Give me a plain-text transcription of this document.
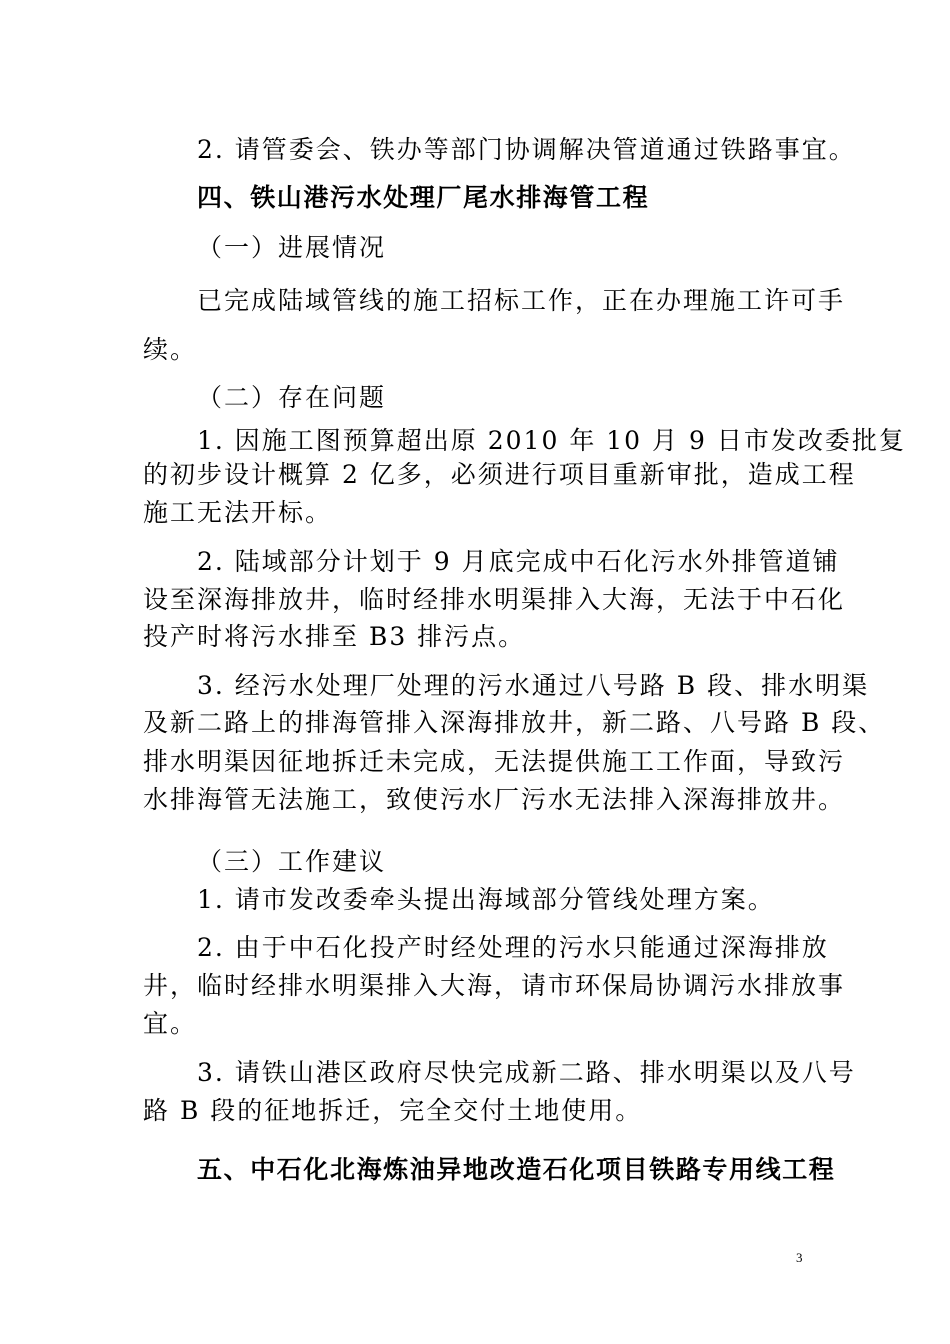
2. 请管委会、铁办等部门协调解决管道通过铁路事宜。
四、铁山港污水处理厂尾水排海管工程
（一）进展情况
已完成陆域管线的施工招标工作，正在办理施工许可手
续。
（二）存在问题
1. 因施工图预算超出原 2010 年 10 月 9 日市发改委批复
的初步设计概算 2 亿多，必须进行项目重新审批，造成工程
施工无法开标。
2. 陆域部分计划于 9 月底完成中石化污水外排管道铺
设至深海排放井，临时经排水明渠排入大海，无法于中石化
投产时将污水排至 B3 排污点。
3. 经污水处理厂处理的污水通过八号路 B 段、排水明渠
及新二路上的排海管排入深海排放井，新二路、八号路 B 段、
排水明渠因征地拆迁未完成，无法提供施工工作面，导致污
水排海管无法施工，致使污水厂污水无法排入深海排放井。
（三）工作建议
1. 请市发改委牵头提出海域部分管线处理方案。
2. 由于中石化投产时经处理的污水只能通过深海排放
井，临时经排水明渠排入大海，请市环保局协调污水排放事
宜。
3. 请铁山港区政府尽快完成新二路、排水明渠以及八号
路 B 段的征地拆迁，完全交付土地使用。
五、中石化北海炼油异地改造石化项目铁路专用线工程
3
